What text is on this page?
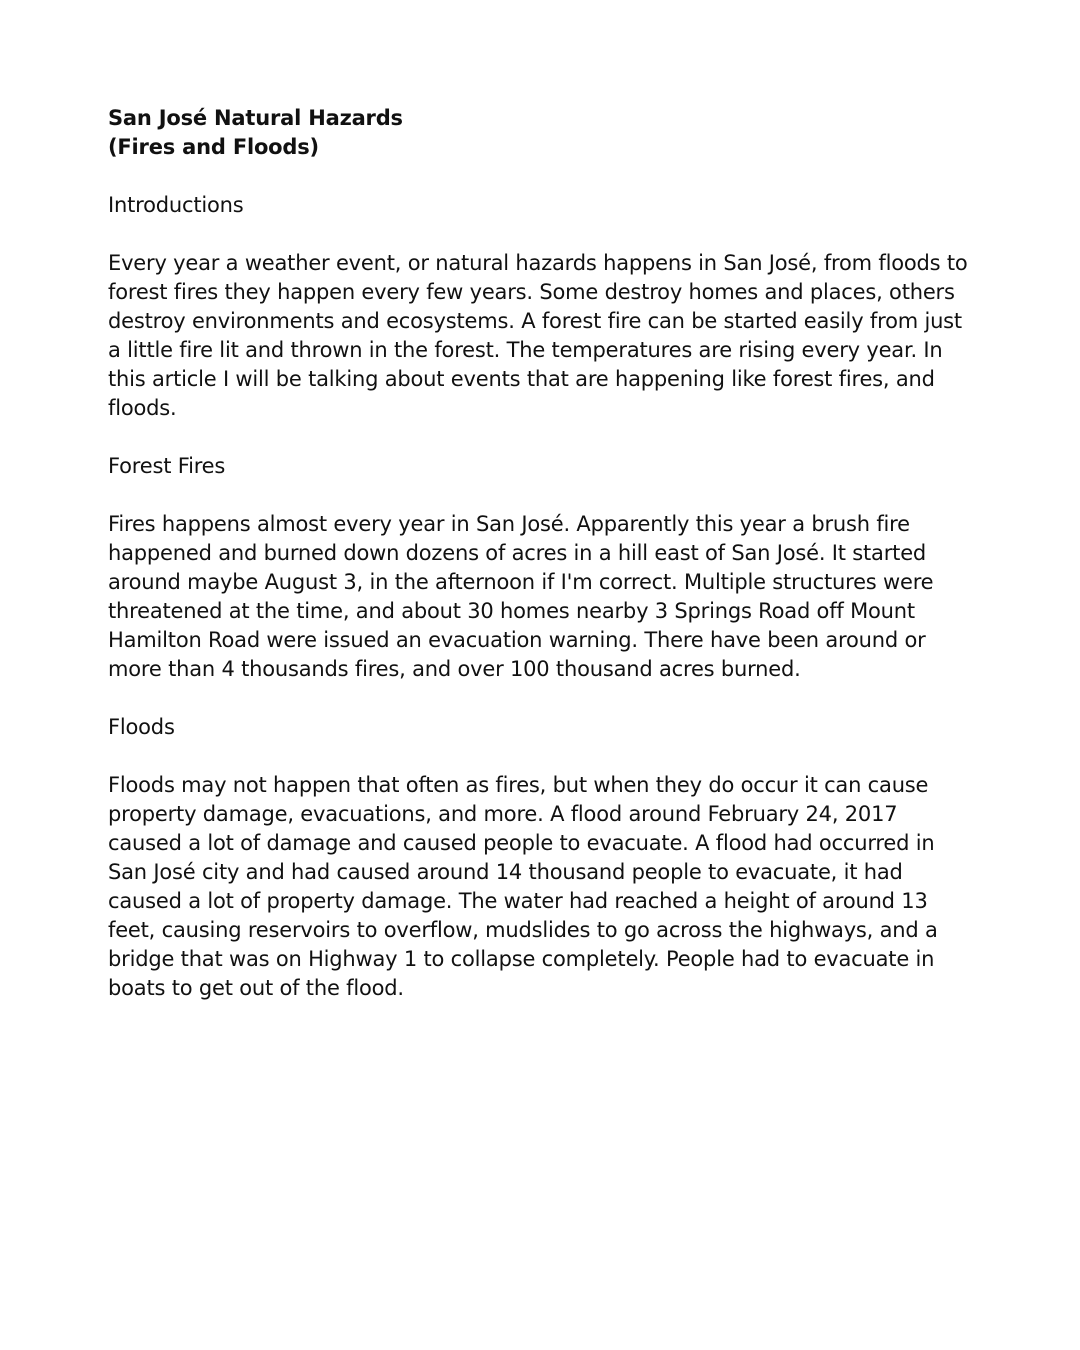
San José Natural Hazards
(Fires and Floods)

Introductions

Every year a weather event, or natural hazards happens in San José, from floods to forest fires they happen every few years. Some destroy homes and places, others destroy environments and ecosystems. A forest fire can be started easily from just a little fire lit and thrown in the forest. The temperatures are rising every year. In this article I will be talking about events that are happening like forest fires, and floods.

Forest Fires

Fires happens almost every year in San José. Apparently this year a brush fire happened and burned down dozens of acres in a hill east of San José. It started around maybe August 3, in the afternoon if I'm correct. Multiple structures were threatened at the time, and about 30 homes nearby 3 Springs Road off Mount Hamilton Road were issued an evacuation warning. There have been around or more than 4 thousands fires, and over 100 thousand acres burned.

Floods

Floods may not happen that often as fires, but when they do occur it can cause property damage, evacuations, and more. A flood around February 24, 2017 caused a lot of damage and caused people to evacuate. A flood had occurred in San José city and had caused around 14 thousand people to evacuate, it had caused a lot of property damage. The water had reached a height of around 13 feet, causing reservoirs to overflow, mudslides to go across the highways, and a bridge that was on Highway 1 to collapse completely. People had to evacuate in boats to get out of the flood.
